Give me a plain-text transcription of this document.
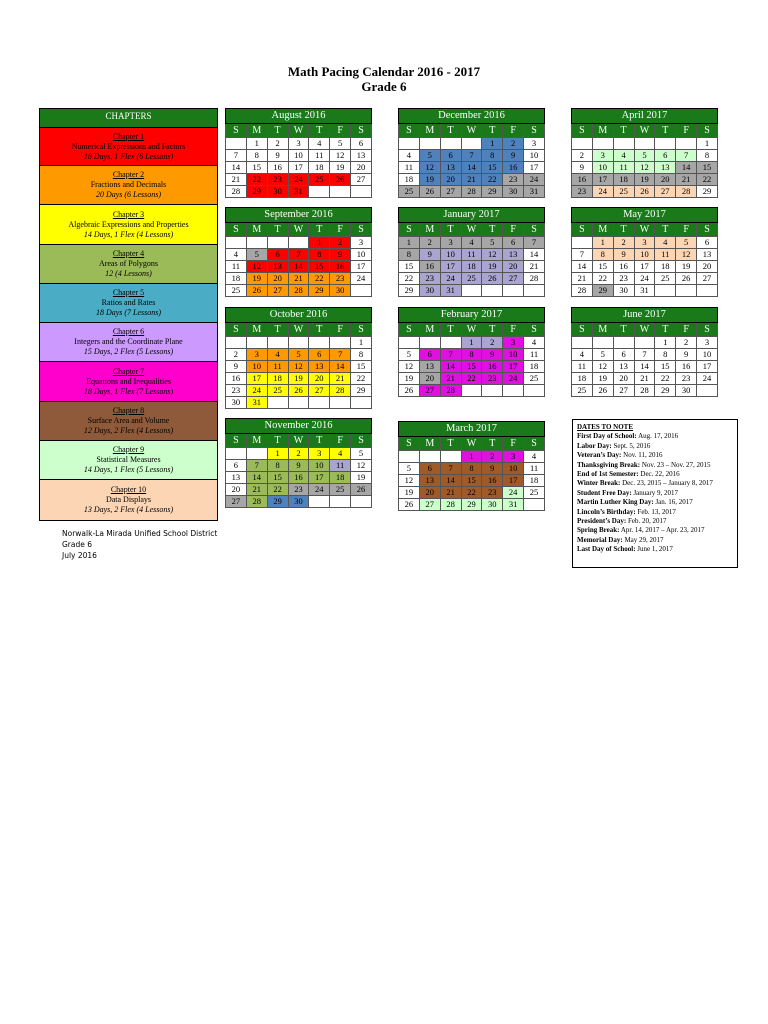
Math Pacing Calendar 2016 - 2017
Grade 6
CHAPTERS
Chapter 1
Numerical Expressions and Factors
18 Days, 1 Flex (6 Lessons)
Chapter 2
Fractions and Decimals
20 Days (6 Lessons)
Chapter 3
Algebraic Expressions and Properties
14 Days, 1 Flex (4 Lessons)
Chapter 4
Areas of Polygons
12 (4 Lessons)
Chapter 5
Ratios and Rates
18 Days (7 Lessons)
Chapter 6
Integers and the Coordinate Plane
15 Days, 2 Flex (5 Lessons)
Chapter 7
Equations and Inequalities
18 Days, 1 Flex (7 Lessons)
Chapter 8
Surface Area and Volume
12 Days, 2 Flex (4 Lessons)
Chapter 9
Statistical Measures
14 Days, 1 Flex (5 Lessons)
Chapter 10
Data Displays
13 Days, 2 Flex (4 Lessons)
August 2016						
S	M	T	W	T	F	S
	1	2	3	4	5	6
7	8	9	10	11	12	13
14	15	16	17	18	19	20
21	22	23	24	25	26	27
28	29	30	31			
September 2016						
S	M	T	W	T	F	S
				1	2	3
4	5	6	7	8	9	10
11	12	13	14	15	16	17
18	19	20	21	22	23	24
25	26	27	28	29	30	
October 2016						
S	M	T	W	T	F	S
						1
2	3	4	5	6	7	8
9	10	11	12	13	14	15
16	17	18	19	20	21	22
23	24	25	26	27	28	29
30	31					
November 2016						
S	M	T	W	T	F	S
		1	2	3	4	5
6	7	8	9	10	11	12
13	14	15	16	17	18	19
20	21	22	23	24	25	26
27	28	29	30			
December 2016						
S	M	T	W	T	F	S
				1	2	3
4	5	6	7	8	9	10
11	12	13	14	15	16	17
18	19	20	21	22	23	24
25	26	27	28	29	30	31
January 2017						
S	M	T	W	T	F	S
1	2	3	4	5	6	7
8	9	10	11	12	13	14
15	16	17	18	19	20	21
22	23	24	25	26	27	28
29	30	31				
February 2017						
S	M	T	W	T	F	S
			1	2	3	4
5	6	7	8	9	10	11
12	13	14	15	16	17	18
19	20	21	22	23	24	25
26	27	28				
March 2017						
S	M	T	W	T	F	S
			1	2	3	4
5	6	7	8	9	10	11
12	13	14	15	16	17	18
19	20	21	22	23	24	25
26	27	28	29	30	31	
April 2017						
S	M	T	W	T	F	S
						1
2	3	4	5	6	7	8
9	10	11	12	13	14	15
16	17	18	19	20	21	22
23	24	25	26	27	28	29
May 2017						
S	M	T	W	T	F	S
	1	2	3	4	5	6
7	8	9	10	11	12	13
14	15	16	17	18	19	20
21	22	23	24	25	26	27
28	29	30	31			
June 2017						
S	M	T	W	T	F	S
				1	2	3
4	5	6	7	8	9	10
11	12	13	14	15	16	17
18	19	20	21	22	23	24
25	26	27	28	29	30	
Norwalk-La Mirada Unified School District
Grade 6
July 2016
DATES TO NOTE
First Day of School: Aug. 17, 2016
Labor Day: Sept. 5, 2016
Veteran’s Day: Nov. 11, 2016
Thanksgiving Break: Nov. 23 – Nov. 27, 2015
End of 1st Semester: Dec. 22, 2016
Winter Break: Dec. 23, 2015 – January 8, 2017
Student Free Day: January 9, 2017
Martin Luther King Day: Jan. 16, 2017
Lincoln’s Birthday: Feb. 13, 2017
President’s Day: Feb. 20, 2017
Spring Break: Apr. 14, 2017 – Apr. 23, 2017
Memorial Day: May 29, 2017
Last Day of School: June 1, 2017
